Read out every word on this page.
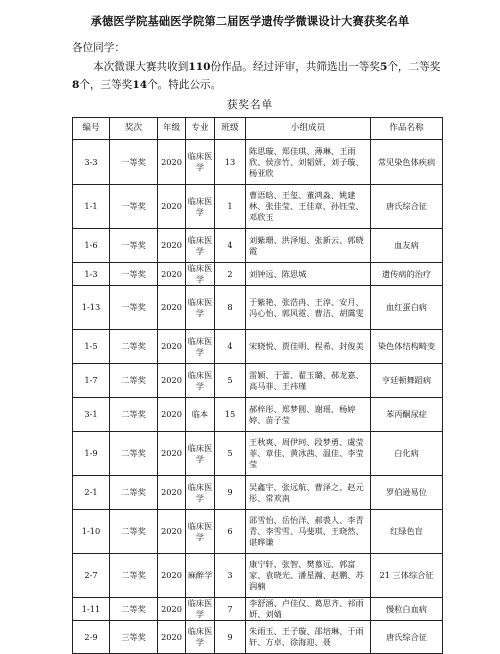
承德医学院基础医学院第二届医学遗传学微课设计大赛获奖名单
各位同学：
本次微课大赛共收到110份作品。经过评审，共筛选出一等奖5个，二等奖8个，三等奖14个。特此公示。
获奖名单
编号	奖次	年级	专业	班级	小组成员	作品名称
3-3	一等奖	2020	临床医学	13	陈思璇、郑佳琪、薄琳、王雨欣、侯彦竹、刘韬妍、刘子璇、杨亚欣	常见染色体疾病
1-1	一等奖	2020	临床医学	1	曹语晗、王玺、董鸿淼、姚建林、张佳莹、王佳章、孙钰莹、邓欣玉	唐氏综合征
1-6	一等奖	2020	临床医学	4	刘紫珊、洪泽旭、张新云、郭晓霞	血友病
1-3	一等奖	2020	临床医学	2	刘钟远、陈思城	遗传病的治疗
1-13	一等奖	2020	临床医学	8	于紫艳、张浩冉、王淳、安月、冯心怡、郭风霓、曹洁、胡霭雯	血红蛋白病
1-5	二等奖	2020	临床医学	4	宋晓悦、贾佳明、程希、封俊美	染色体结构畸变
1-7	二等奖	2020	临床医学	5	雷颖、于蕾、翟玉璐、郝龙嘉、高马菲、王祎瑾	亨廷顿舞蹈病
3-1	二等奖	2020	临本	15	郝梓彤、郑梦圆、谢瑶、杨婷婷、苗子莹	苯丙酮尿症
1-9	二等奖	2020	临床医学	5	王秋爽、周伊珂、段梦勇、虞莹菲、章佳、黄冰茜、温佳、李莹莹	白化病
2-1	二等奖	2020	临床医学	9	吴鑫宇、张远航、曹泽之、赵元彤、常欢南	罗伯逊易位
1-10	二等奖	2020	临床医学	6	邵雪怡、岳怡洋、郝裘人、李青青、李雪雪、马斐琪、王晓然、谌晔谦	红绿色盲
2-7	二等奖	2020	麻醉学	3	康宁轩、张智、樊慕远、郭富家、袁晓光、潘星瀚、赵鹏、苏润楠	21 三体综合征
1-11	二等奖	2020	临床医学	7	李舒涵、卢佳仪、葛思齐、祁雨妍、刘婧	慢粒白血病
2-9	三等奖	2020	临床医学	9	朱雨玉、王子璇、邵培琳、于雨轩、方卓、徐海迎、聂	唐氏综合征
